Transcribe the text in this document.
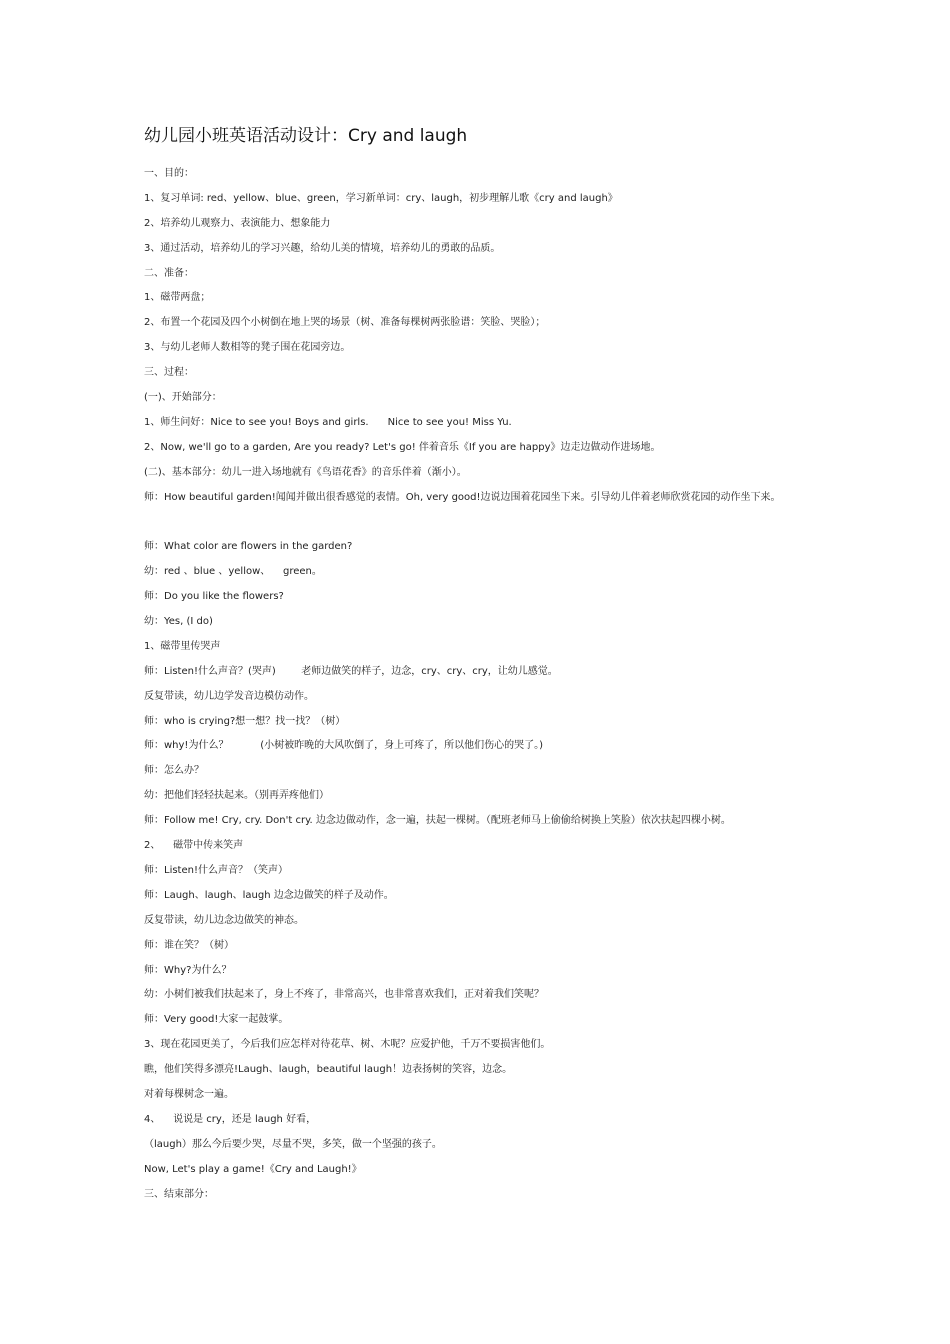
幼儿园小班英语活动设计：Cry and laugh
一、目的：
1、复习单词: red、yellow、blue、green，学习新单词：cry、laugh，初步理解儿歌《cry and laugh》
2、培养幼儿观察力、表演能力、想象能力
3、通过活动，培养幼儿的学习兴趣，给幼儿美的情境，培养幼儿的勇敢的品质。
二、准备：
1、磁带两盘；
2、布置一个花园及四个小树倒在地上哭的场景（树、准备每棵树两张脸谱：笑脸、哭脸）；
3、与幼儿老师人数相等的凳子围在花园旁边。
三、过程：
(一)、开始部分：
1、师生问好：Nice to see you! Boys and girls.      Nice to see you! Miss Yu.
2、Now, we'll go to a garden, Are you ready? Let's go! 伴着音乐《If you are happy》边走边做动作进场地。
(二)、基本部分：幼儿一进入场地就有《鸟语花香》的音乐伴着（渐小）。
师：How beautiful garden!闻闻并做出很香感觉的表情。Oh, very good!边说边围着花园坐下来。引导幼儿伴着老师欣赏花园的动作坐下来。
师：What color are flowers in the garden?
幼：red 、blue 、yellow、    green。
师：Do you like the flowers?
幼：Yes, (I do)
1、磁带里传哭声
师：Listen!什么声音？(哭声)        老师边做笑的样子，边念，cry、cry、cry，让幼儿感觉。
反复带读，幼儿边学发音边模仿动作。
师：who is crying?想一想？找一找？（树）
师：why!为什么？          (小树被昨晚的大风吹倒了，身上可疼了，所以他们伤心的哭了。)
师：怎么办？
幼：把他们轻轻扶起来。（别再弄疼他们）
师：Follow me! Cry, cry. Don't cry. 边念边做动作，念一遍，扶起一棵树。（配班老师马上偷偷给树换上笑脸）依次扶起四棵小树。
2、    磁带中传来笑声
师：Listen!什么声音？（笑声）
师：Laugh、laugh、laugh 边念边做笑的样子及动作。
反复带读，幼儿边念边做笑的神态。
师：谁在笑？（树）
师：Why?为什么？
幼：小树们被我们扶起来了，身上不疼了，非常高兴，也非常喜欢我们，正对着我们笑呢？
师：Very good!大家一起鼓掌。
3、现在花园更美了，今后我们应怎样对待花草、树、木呢？应爱护他，千万不要损害他们。
瞧，他们笑得多漂亮!Laugh、laugh，beautiful laugh！边表扬树的笑容，边念。
对着每棵树念一遍。
4、    说说是 cry，还是 laugh 好看，
（laugh）那么今后要少哭，尽量不哭，多笑，做一个坚强的孩子。
Now, Let's play a game!《Cry and Laugh!》
三、结束部分：
